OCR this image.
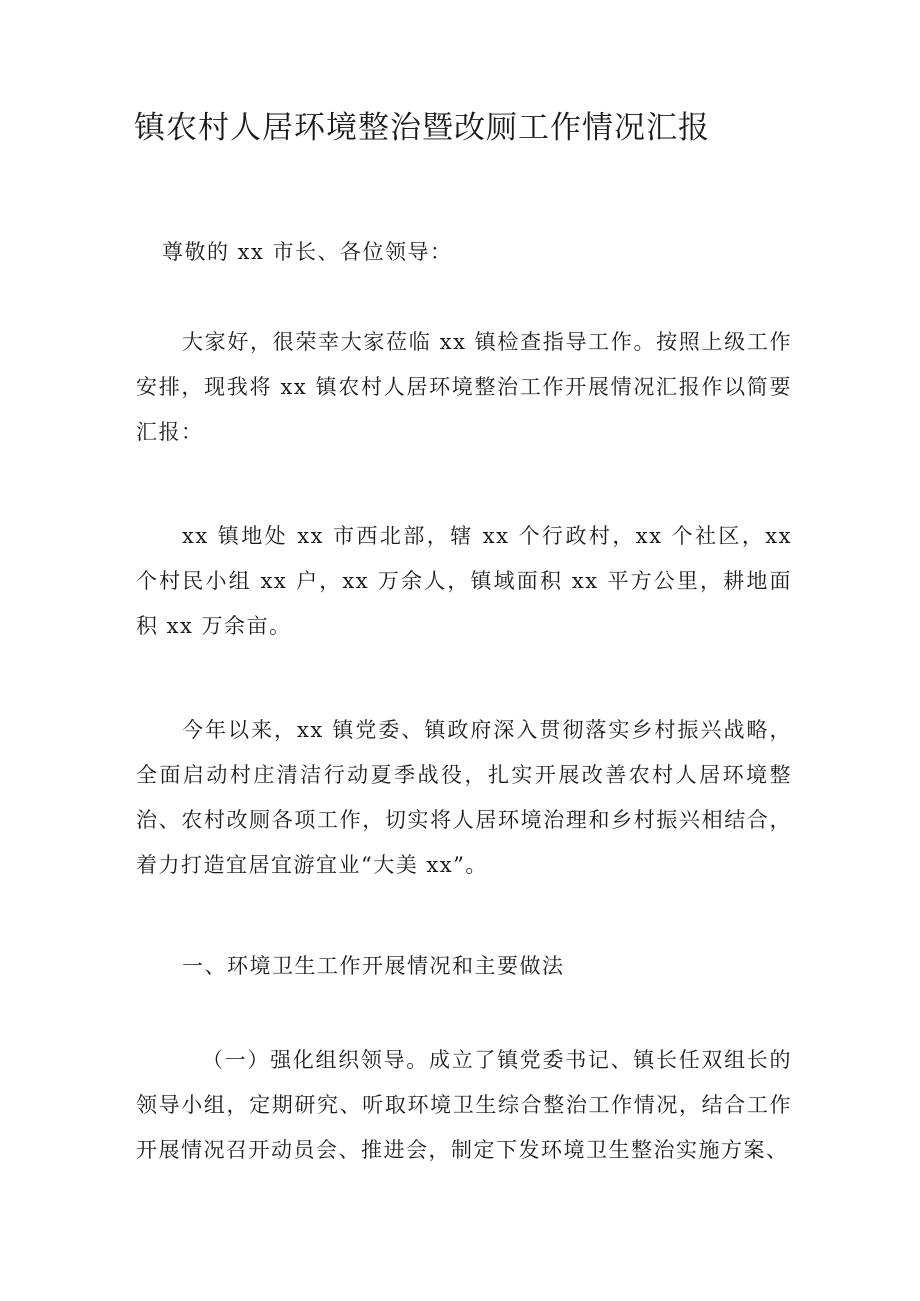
镇农村人居环境整治暨改厕工作情况汇报

尊敬的 xx 市长、各位领导：

大家好，很荣幸大家莅临 xx 镇检查指导工作。按照上级工作安排，现我将 xx 镇农村人居环境整治工作开展情况汇报作以简要汇报：

xx 镇地处 xx 市西北部，辖 xx 个行政村，xx 个社区，xx 个村民小组 xx 户，xx 万余人，镇域面积 xx 平方公里，耕地面积 xx 万余亩。

今年以来，xx 镇党委、镇政府深入贯彻落实乡村振兴战略，全面启动村庄清洁行动夏季战役，扎实开展改善农村人居环境整治、农村改厕各项工作，切实将人居环境治理和乡村振兴相结合，着力打造宜居宜游宜业“大美 xx”。

一、环境卫生工作开展情况和主要做法

（一）强化组织领导。成立了镇党委书记、镇长任双组长的领导小组，定期研究、听取环境卫生综合整治工作情况，结合工作开展情况召开动员会、推进会，制定下发环境卫生整治实施方案、
